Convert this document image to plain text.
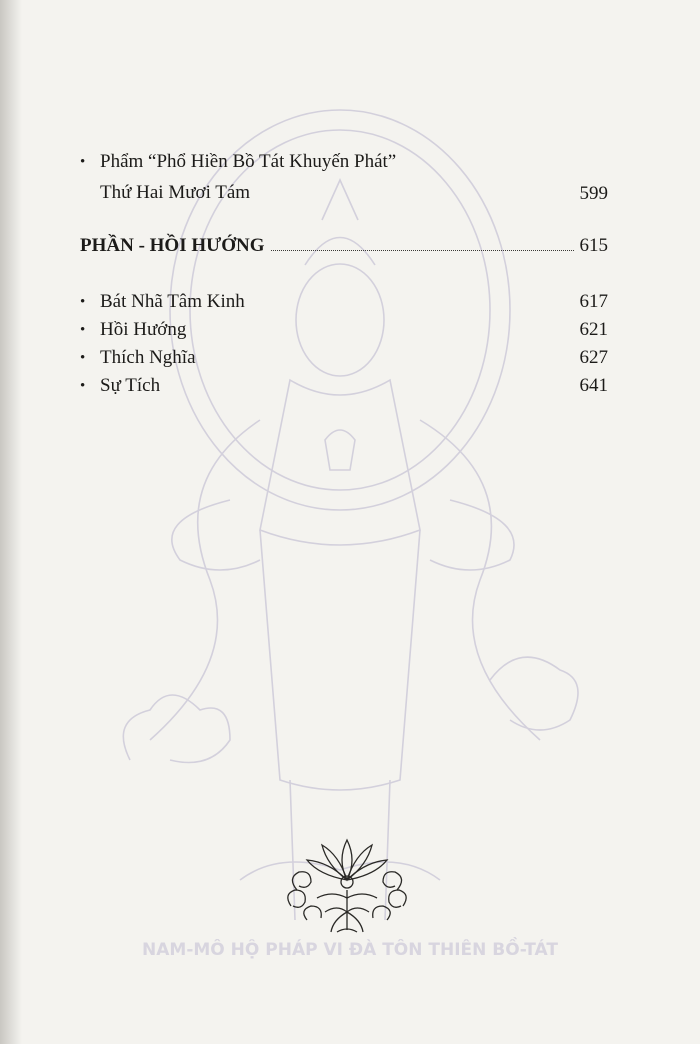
NAM-MÔ HỘ PHÁP VI ĐÀ TÔN THIÊN BỒ-TÁT
• Phẩm “Phổ Hiền Bồ Tát Khuyến Phát”
Thứ Hai Mươi Tám	599
PHẦN - HỒI HƯỚNG	615
• Bát Nhã Tâm Kinh	617
• Hồi Hướng	621
• Thích Nghĩa	627
• Sự Tích	641
